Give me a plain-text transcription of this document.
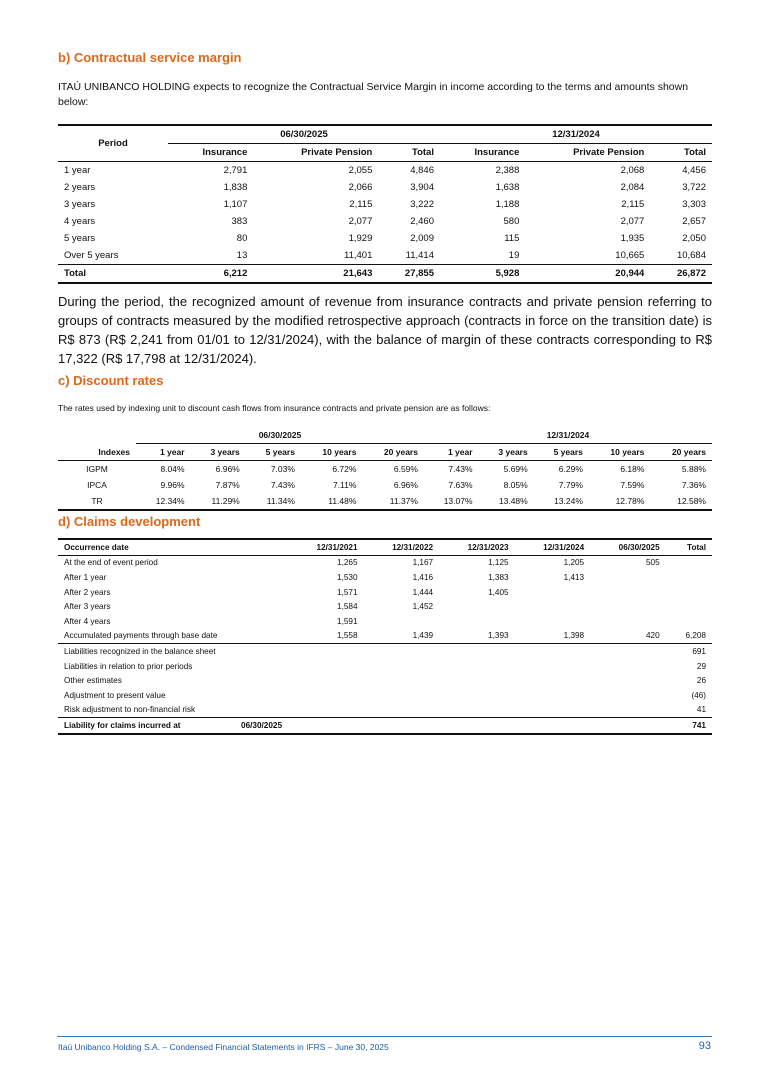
b) Contractual service margin
ITAÚ UNIBANCO HOLDING expects to recognize the Contractual Service Margin in income according to the terms and amounts shown below:
Period	06/30/2025			12/31/2024		
	Insurance	Private Pension	Total	Insurance	Private Pension	Total
1 year	2,791	2,055	4,846	2,388	2,068	4,456
2 years	1,838	2,066	3,904	1,638	2,084	3,722
3 years	1,107	2,115	3,222	1,188	2,115	3,303
4 years	383	2,077	2,460	580	2,077	2,657
5 years	80	1,929	2,009	115	1,935	2,050
Over 5 years	13	11,401	11,414	19	10,665	10,684
Total	6,212	21,643	27,855	5,928	20,944	26,872
During the period, the recognized amount of revenue from insurance contracts and private pension referring to groups of contracts measured by the modified retrospective approach (contracts in force on the transition date) is R$ 873 (R$ 2,241 from 01/01 to 12/31/2024), with the balance of margin of these contracts corresponding to R$ 17,322 (R$ 17,798 at 12/31/2024).
c) Discount rates
The rates used by indexing unit to discount cash flows from insurance contracts and private pension are as follows:
	06/30/2025					12/31/2024				
Indexes	1 year	3 years	5 years	10 years	20 years	1 year	3 years	5 years	10 years	20 years
IGPM	8.04%	6.96%	7.03%	6.72%	6.59%	7.43%	5.69%	6.29%	6.18%	5.88%
IPCA	9.96%	7.87%	7.43%	7.11%	6.96%	7.63%	8.05%	7.79%	7.59%	7.36%
TR	12.34%	11.29%	11.34%	11.48%	11.37%	13.07%	13.48%	13.24%	12.78%	12.58%
d) Claims development
Occurrence date	12/31/2021	12/31/2022	12/31/2023	12/31/2024	06/30/2025	Total
At the end of event period	1,265	1,167	1,125	1,205	505	
After 1 year	1,530	1,416	1,383	1,413		
After 2 years	1,571	1,444	1,405			
After 3 years	1,584	1,452				
After 4 years	1,591					
Accumulated payments through base date	1,558	1,439	1,393	1,398	420	6,208
Liabilities recognized in the balance sheet						691
Liabilities in relation to prior periods						29
Other estimates						26
Adjustment to present value						(46)
Risk adjustment to non-financial risk						41
Liability for claims incurred at 06/30/2025						741
Itaú Unibanco Holding S.A. – Condensed Financial Statements in IFRS – June 30, 2025	93
